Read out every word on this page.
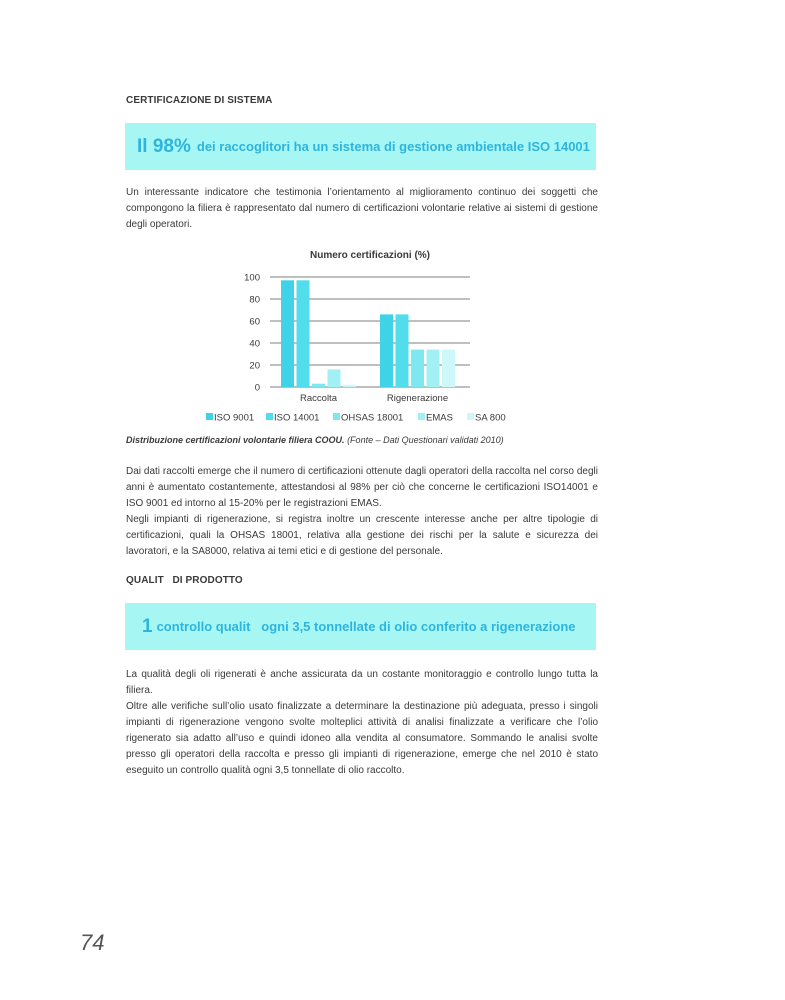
CERTIFICAZIONE DI SISTEMA
Il 98% dei raccoglitori ha un sistema di gestione ambientale ISO 14001

Un interessante indicatore che testimonia l’orientamento al miglioramento continuo dei soggetti che compongono la filiera è rappresentato dal numero di certificazioni volontarie relative ai sistemi di gestione degli operatori.

Numero certificazioni (%)
0
20
40
60
80
100
Raccolta	Rigenerazione
ISO 9001 ISO 14001 OHSAS 18001 EMAS SA 800
Distribuzione certificazioni volontarie filiera COOU. (Fonte – Dati Questionari validati 2010)

Dai dati raccolti emerge che il numero di certificazioni ottenute dagli operatori della raccolta nel corso degli anni è aumentato costantemente, attestandosi al 98% per ciò che concerne le certificazioni ISO14001 e ISO 9001 ed intorno al 15-20% per le registrazioni EMAS.

Negli impianti di rigenerazione, si registra inoltre un crescente interesse anche per altre tipologie di certificazioni, quali la OHSAS 18001, relativa alla gestione dei rischi per la salute e sicurezza dei lavoratori, e la SA8000, relativa ai temi etici e di gestione del personale.

QUALIT   DI PRODOTTO
1 controllo qualit   ogni 3,5 tonnellate di olio conferito a rigenerazione

La qualità degli oli rigenerati è anche assicurata da un costante monitoraggio e controllo lungo tutta la filiera.

Oltre alle verifiche sull’olio usato finalizzate a determinare la destinazione più adeguata, presso i singoli impianti di rigenerazione vengono svolte molteplici attività di analisi finalizzate a verificare che l’olio rigenerato sia adatto all’uso e quindi idoneo alla vendita al consumatore. Sommando le analisi svolte presso gli operatori della raccolta e presso gli impianti di rigenerazione, emerge che nel 2010 è stato eseguito un controllo qualità ogni 3,5 tonnellate di olio raccolto.

74
